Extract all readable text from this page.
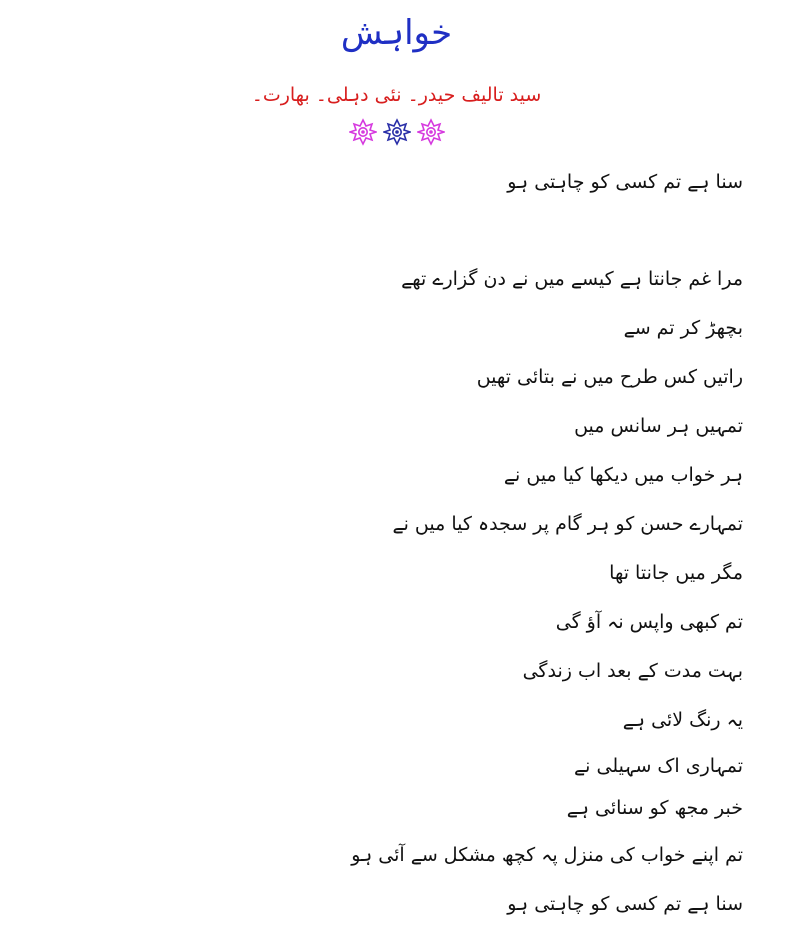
خواہش
سید تالیف حیدر۔ نئی دہلی۔ بھارت۔
سنا ہے تم کسی کو چاہتی ہو
مرا غم جانتا ہے کیسے میں نے دن گزارے تھے
بچھڑ کر تم سے
راتیں کس طرح میں نے بتائی تھیں
تمہیں ہر سانس میں
ہر خواب میں دیکھا کیا میں نے
تمہارے حسن کو ہر گام پر سجدہ کیا میں نے
مگر میں جانتا تھا
تم کبھی واپس نہ آؤ گی
بہت مدت کے بعد اب زندگی
یہ رنگ لائی ہے
تمہاری اک سہیلی نے
خبر مجھ کو سنائی ہے
تم اپنے خواب کی منزل پہ کچھ مشکل سے آئی ہو
سنا ہے تم کسی کو چاہتی ہو
